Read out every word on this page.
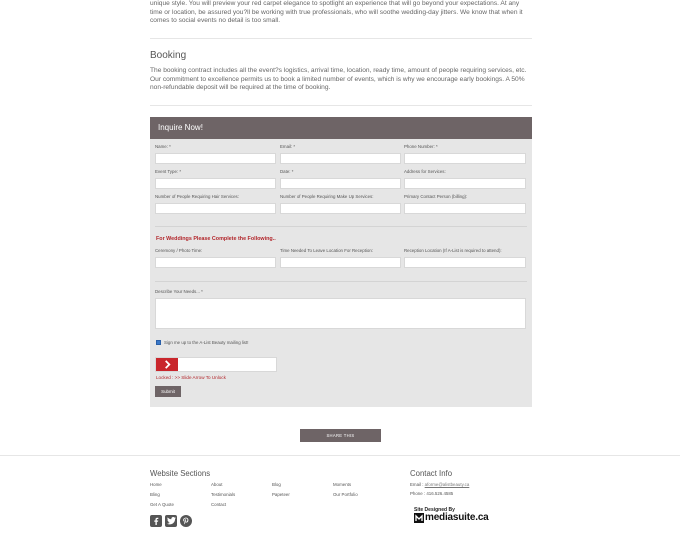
unique style. You will preview your red carpet elegance to spotlight an experience that will go beyond your expectations. At any time or location, be assured you?ll be working with true professionals, who will soothe wedding-day jitters. We know that when it comes to social events no detail is too small.
Booking
The booking contract includes all the event?s logistics, arrival time, location, ready time, amount of people requiring services, etc. Our commitment to excellence permits us to book a limited number of events, which is why we encourage early bookings. A 50% non-refundable deposit will be required at the time of booking.
Inquire Now!
Name: *	Email: *	Phone Number: *
Event Type: *	Date: *	Address for Services:
Number of People Requiring Hair Services:	Number of People Requiring Make Up Services:	Primary Contact Person (billing):
For Weddings Please Complete the Following..
Ceremony / Photo Time:	Time Needed To Leave Location For Reception:	Reception Location (If A-List is required to attend):
Describe Your Needs... *
Sign me up to the A-List Beauty mailing list!
Locked : >> Slide Arrow To Unlock
Submit
SHARE THIS
Website Sections
Home	About	Blog	Moments
Bling	Testimonials	Papeteer	Our Portfolio
Get A Quote	Contact
Contact Info
Email : aforme@alistbeauty.ca
Phone : 416.526.4585
Site Designed By
mediasuite.ca
